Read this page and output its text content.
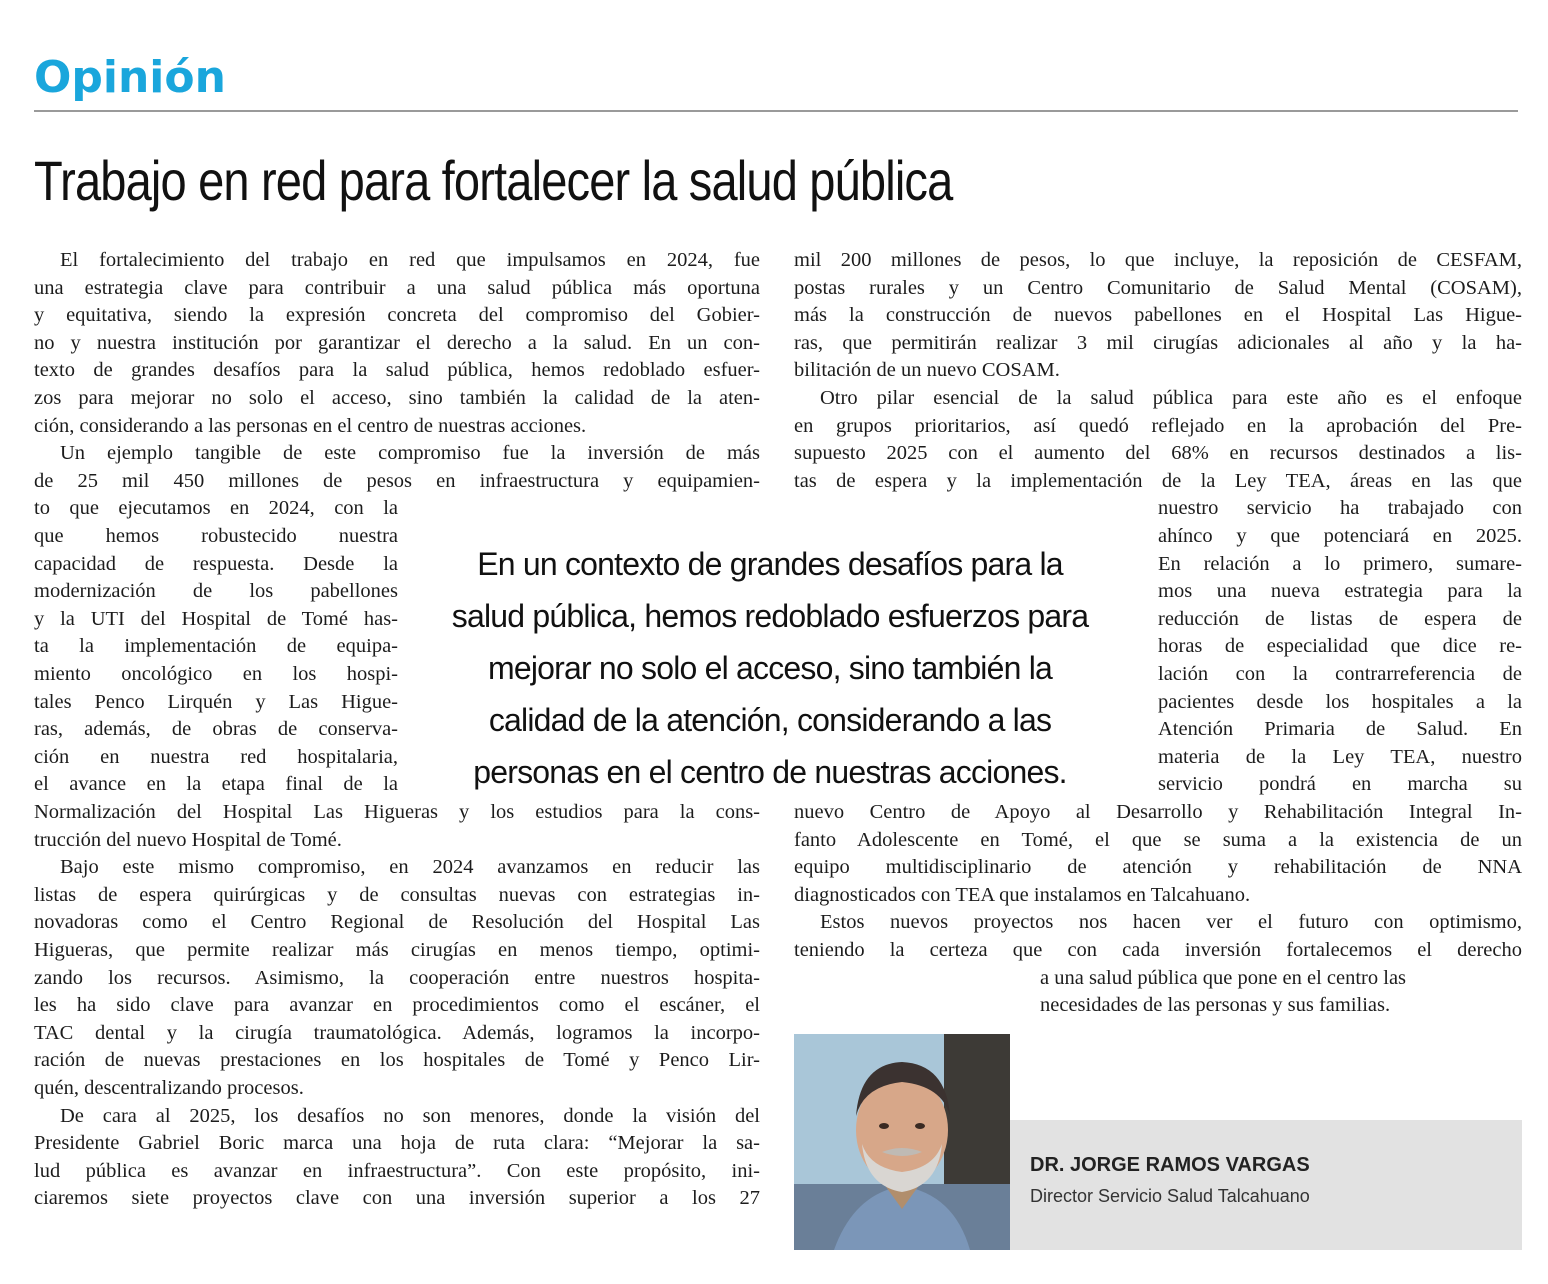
Opinión
Trabajo en red para fortalecer la salud pública
El fortalecimiento del trabajo en red que impulsamos en 2024, fue
una estrategia clave para contribuir a una salud pública más oportuna
y equitativa, siendo la expresión concreta del compromiso del Gobier-
no y nuestra institución por garantizar el derecho a la salud. En un con-
texto de grandes desafíos para la salud pública, hemos redoblado esfuer-
zos para mejorar no solo el acceso, sino también la calidad de la aten-
ción, considerando a las personas en el centro de nuestras acciones.
Un ejemplo tangible de este compromiso fue la inversión de más
de 25 mil 450 millones de pesos en infraestructura y equipamien-
to que ejecutamos en 2024, con la
que hemos robustecido nuestra
capacidad de respuesta. Desde la
modernización de los pabellones
y la UTI del Hospital de Tomé has-
ta la implementación de equipa-
miento oncológico en los hospi-
tales Penco Lirquén y Las Higue-
ras, además, de obras de conserva-
ción en nuestra red hospitalaria,
el avance en la etapa final de la
Normalización del Hospital Las Higueras y los estudios para la cons-
trucción del nuevo Hospital de Tomé.
Bajo este mismo compromiso, en 2024 avanzamos en reducir las
listas de espera quirúrgicas y de consultas nuevas con estrategias in-
novadoras como el Centro Regional de Resolución del Hospital Las
Higueras, que permite realizar más cirugías en menos tiempo, optimi-
zando los recursos. Asimismo, la cooperación entre nuestros hospita-
les ha sido clave para avanzar en procedimientos como el escáner, el
TAC dental y la cirugía traumatológica. Además, logramos la incorpo-
ración de nuevas prestaciones en los hospitales de Tomé y Penco Lir-
quén, descentralizando procesos.
De cara al 2025, los desafíos no son menores, donde la visión del
Presidente Gabriel Boric marca una hoja de ruta clara: “Mejorar la sa-
lud pública es avanzar en infraestructura”. Con este propósito, ini-
ciaremos siete proyectos clave con una inversión superior a los 27
mil 200 millones de pesos, lo que incluye, la reposición de CESFAM,
postas rurales y un Centro Comunitario de Salud Mental (COSAM),
más la construcción de nuevos pabellones en el Hospital Las Higue-
ras, que permitirán realizar 3 mil cirugías adicionales al año y la ha-
bilitación de un nuevo COSAM.
Otro pilar esencial de la salud pública para este año es el enfoque
en grupos prioritarios, así quedó reflejado en la aprobación del Pre-
supuesto 2025 con el aumento del 68% en recursos destinados a lis-
tas de espera y la implementación de la Ley TEA, áreas en las que
nuestro servicio ha trabajado con
ahínco y que potenciará en 2025.
En relación a lo primero, sumare-
mos una nueva estrategia para la
reducción de listas de espera de
horas de especialidad que dice re-
lación con la contrarreferencia de
pacientes desde los hospitales a la
Atención Primaria de Salud. En
materia de la Ley TEA, nuestro
servicio pondrá en marcha su
nuevo Centro de Apoyo al Desarrollo y Rehabilitación Integral In-
fanto Adolescente en Tomé, el que se suma a la existencia de un
equipo multidisciplinario de atención y rehabilitación de NNA
diagnosticados con TEA que instalamos en Talcahuano.
Estos nuevos proyectos nos hacen ver el futuro con optimismo,
teniendo la certeza que con cada inversión fortalecemos el derecho
a una salud pública que pone en el centro las
necesidades de las personas y sus familias.

En un contexto de grandes desafíos para la salud pública, hemos redoblado esfuerzos para mejorar no solo el acceso, sino también la calidad de la atención, considerando a las personas en el centro de nuestras acciones.

DR. JORGE RAMOS VARGAS
Director Servicio Salud Talcahuano
